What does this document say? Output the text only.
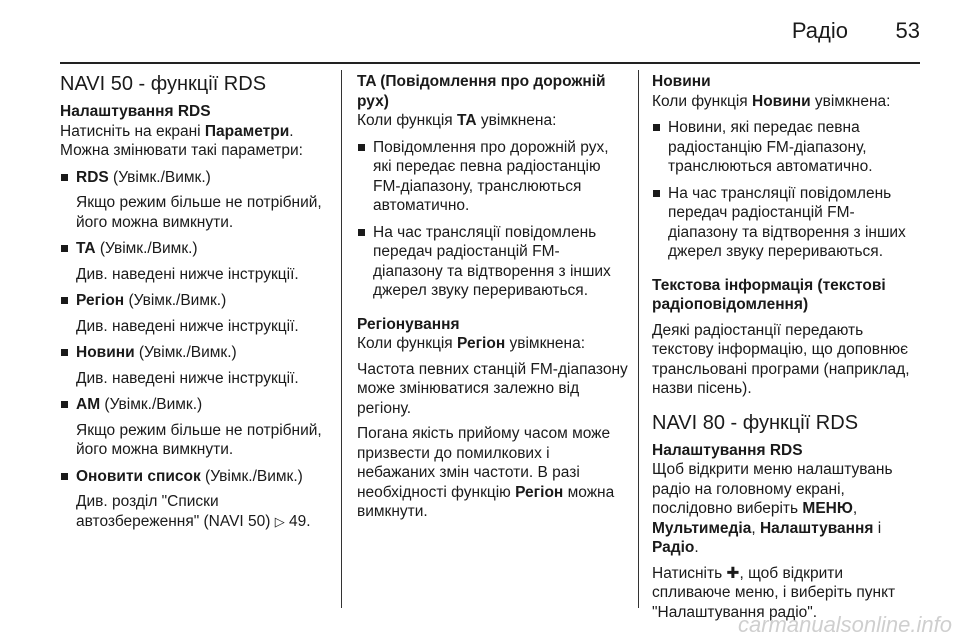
Радіо 53
NAVI 50 - функції RDS

Налаштування RDS

Натисніть на екрані Параметри.

Можна змінювати такі параметри:

RDS (Увімк./Вимк.)

Якщо режим більше не потрібний, його можна вимкнути.

TA (Увімк./Вимк.)

Див. наведені нижче інструкції.

Регіон (Увімк./Вимк.)

Див. наведені нижче інструкції.

Новини (Увімк./Вимк.)

Див. наведені нижче інструкції.

AM (Увімк./Вимк.)

Якщо режим більше не потрібний, його можна вимкнути.

Оновити список (Увімк./Вимк.)

Див. розділ "Списки автозбереження" (NAVI 50) ▷ 49.

TA (Повідомлення про дорожній рух)

Коли функція TA увімкнена:

Повідомлення про дорожній рух, які передає певна радіостанцію FM-діапазону, транслюються автоматично.
На час трансляції повідомлень передач радіостанцій FM-діапазону та відтворення з інших джерел звуку перериваються.

Регіонування

Коли функція Регіон увімкнена:

Частота певних станцій FM-діапазону може змінюватися залежно від регіону.

Погана якість прийому часом може призвести до помилкових і небажаних змін частоти. В разі необхідності функцію Регіон можна вимкнути.

Новини

Коли функція Новини увімкнена:

Новини, які передає певна радіостанцію FM-діапазону, транслюються автоматично.
На час трансляції повідомлень передач радіостанцій FM-діапазону та відтворення з інших джерел звуку перериваються.

Текстова інформація (текстові радіоповідомлення)

Деякі радіостанції передають текстову інформацію, що доповнює трансльовані програми (наприклад, назви пісень).

NAVI 80 - функції RDS

Налаштування RDS

Щоб відкрити меню налаштувань радіо на головному екрані, послідовно виберіть МЕНЮ, Мультимедіа, Налаштування і Радіо.

Натисніть ✚, щоб відкрити спливаюче меню, і виберіть пункт "Налаштування радіо".

carmanualsonline.info
